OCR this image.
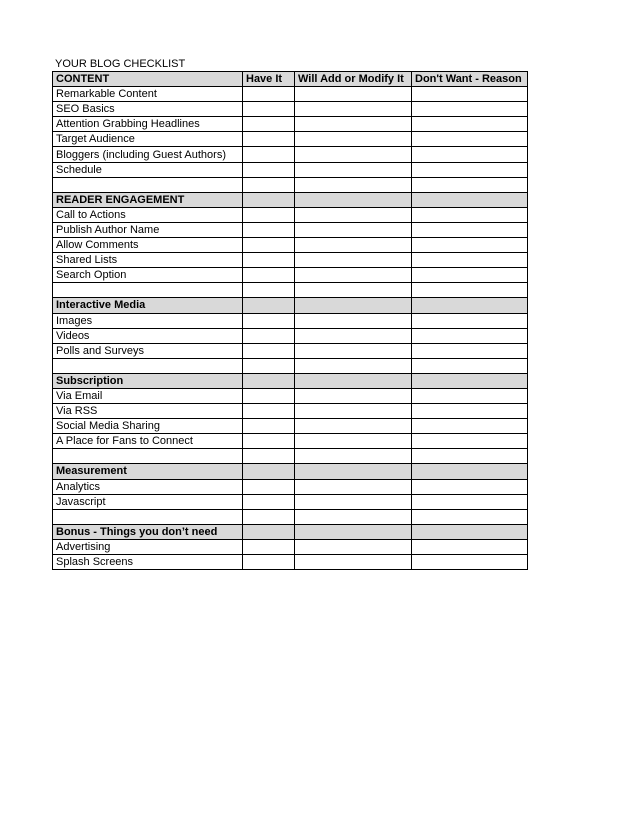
YOUR BLOG CHECKLIST
CONTENT	Have It	Will Add or Modify It	Don't Want - Reason
Remarkable Content			
SEO Basics			
Attention Grabbing Headlines			
Target Audience			
Bloggers (including Guest Authors)			
Schedule			

READER ENGAGEMENT			
Call to Actions			
Publish Author Name			
Allow Comments			
Shared Lists			
Search Option			

Interactive Media			
Images			
Videos			
Polls and Surveys			

Subscription			
Via Email			
Via RSS			
Social Media Sharing			
A Place for Fans to Connect			

Measurement			
Analytics			
Javascript			

Bonus - Things you don’t need			
Advertising			
Splash Screens			
